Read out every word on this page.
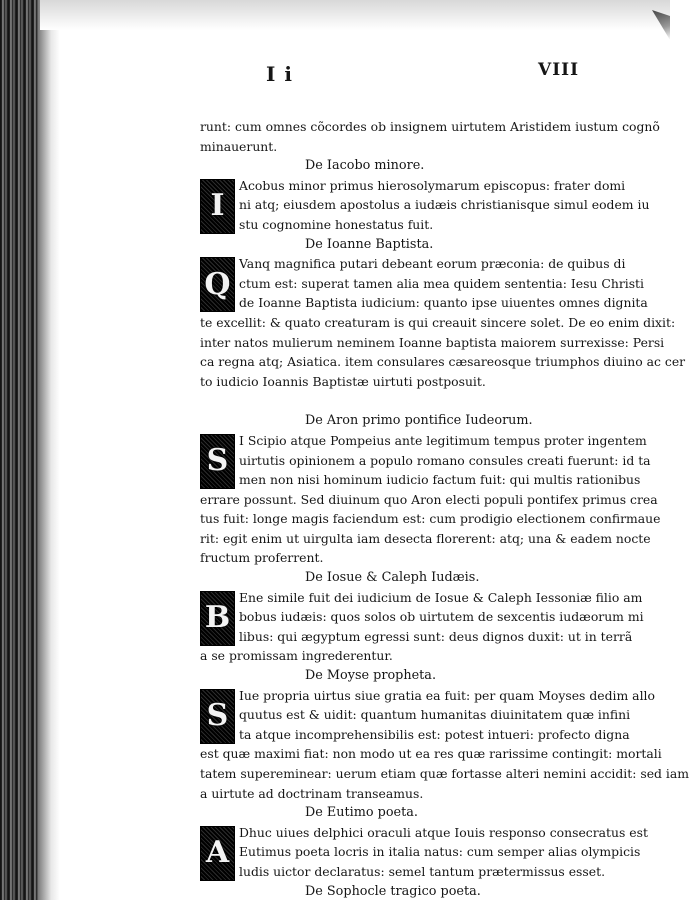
I i	VIII
runt: cum omnes cõcordes ob insignem uirtutem Aristidem iustum cognõ
minauerunt.
De Iacobo minore.
I
Acobus minor primus hierosolymarum episcopus: frater domi
ni atq; eiusdem apostolus a iudæis christianisque simul eodem iu
stu cognomine honestatus fuit.
De Ioanne Baptista.
Q
Vanq magnifica putari debeant eorum præconia: de quibus di
ctum est: superat tamen alia mea quidem sententia: Iesu Christi
de Ioanne Baptista iudicium: quanto ipse uiuentes omnes dignita
te excellit: & quato creaturam is qui creauit sincere solet. De eo enim dixit:
inter natos mulierum neminem Ioanne baptista maiorem surrexisse: Persi
ca regna atq; Asiatica. item consulares cæsareosque triumphos diuino ac cer
to iudicio Ioannis Baptistæ uirtuti postposuit.
De Aron primo pontifice Iudeorum.
S
I Scipio atque Pompeius ante legitimum tempus proter ingentem
uirtutis opinionem a populo romano consules creati fuerunt: id ta
men non nisi hominum iudicio factum fuit: qui multis rationibus
errare possunt. Sed diuinum quo Aron electi populi pontifex primus crea
tus fuit: longe magis faciendum est: cum prodigio electionem confirmaue
rit: egit enim ut uirgulta iam desecta florerent: atq; una & eadem nocte
fructum proferrent.
De Iosue & Caleph Iudæis.
B
Ene simile fuit dei iudicium de Iosue & Caleph Iessoniæ filio am
bobus iudæis: quos solos ob uirtutem de sexcentis iudæorum mi
libus: qui ægyptum egressi sunt: deus dignos duxit: ut in terrã
a se promissam ingrederentur.
De Moyse propheta.
S
Iue propria uirtus siue gratia ea fuit: per quam Moyses dedim allo
quutus est & uidit: quantum humanitas diuinitatem quæ infini
ta atque incomprehensibilis est: potest intueri: profecto digna
est quæ maximi fiat: non modo ut ea res quæ rarissime contingit: mortali
tatem supereminear: uerum etiam quæ fortasse alteri nemini accidit: sed iam
a uirtute ad doctrinam transeamus.
De Eutimo poeta.
A
Dhuc uiues delphici oraculi atque Iouis responso consecratus est
Eutimus poeta locris in italia natus: cum semper alias olympicis
ludis uictor declaratus: semel tantum prætermissus esset.
De Sophocle tragico poeta.
